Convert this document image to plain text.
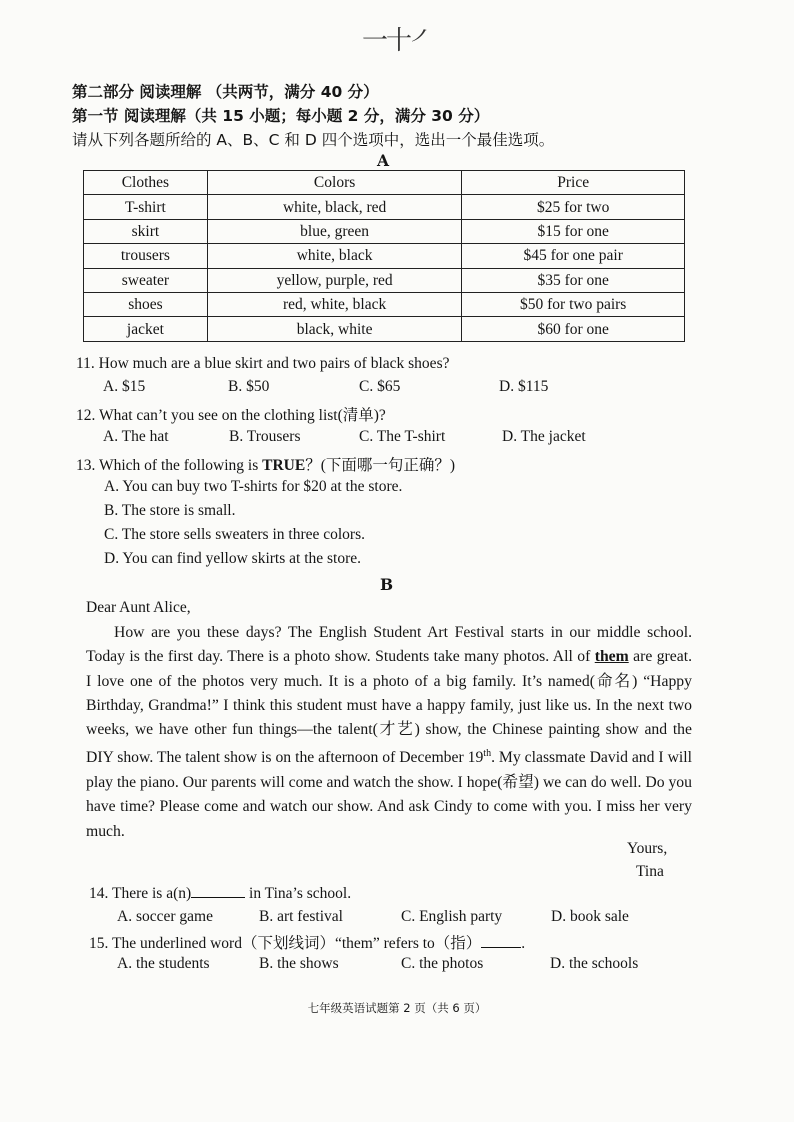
一十㇒
第二部分 阅读理解 （共两节，满分 40 分）
第一节 阅读理解（共 15 小题；每小题 2 分，满分 30 分）
请从下列各题所给的 A、B、C 和 D 四个选项中，选出一个最佳选项。
A
Clothes	Colors	Price
T-shirt	white, black, red	$25 for two
skirt	blue, green	$15 for one
trousers	white, black	$45 for one pair
sweater	yellow, purple, red	$35 for one
shoes	red, white, black	$50 for two pairs
jacket	black, white	$60 for one
11. How much are a blue skirt and two pairs of black shoes?
A. $15	B. $50	C. $65	D. $115
12. What can’t you see on the clothing list(清单)?
A. The hat	B. Trousers	C. The T-shirt	D. The jacket
13. Which of the following is TRUE？(下面哪一句正确？)
A. You can buy two T-shirts for $20 at the store.
B. The store is small.
C. The store sells sweaters in three colors.
D. You can find yellow skirts at the store.
B
Dear Aunt Alice,
How are you these days? The English Student Art Festival starts in our middle school. Today is the first day. There is a photo show. Students take many photos. All of them are great. I love one of the photos very much. It is a photo of a big family. It’s named(命名) “Happy Birthday, Grandma!” I think this student must have a happy family, just like us. In the next two weeks, we have other fun things—the talent(才艺) show, the Chinese painting show and the DIY show. The talent show is on the afternoon of December 19th. My classmate David and I will play the piano. Our parents will come and watch the show. I hope(希望) we can do well. Do you have time? Please come and watch our show. And ask Cindy to come with you. I miss her very much.
Yours,
Tina
14. There is a(n)	in Tina’s school.
A. soccer game	B. art festival	C. English party	D. book sale
15. The underlined word（下划线词）“them” refers to（指）	.
A. the students	B. the shows	C. the photos	D. the schools
七年级英语试题第 2 页（共 6 页）
